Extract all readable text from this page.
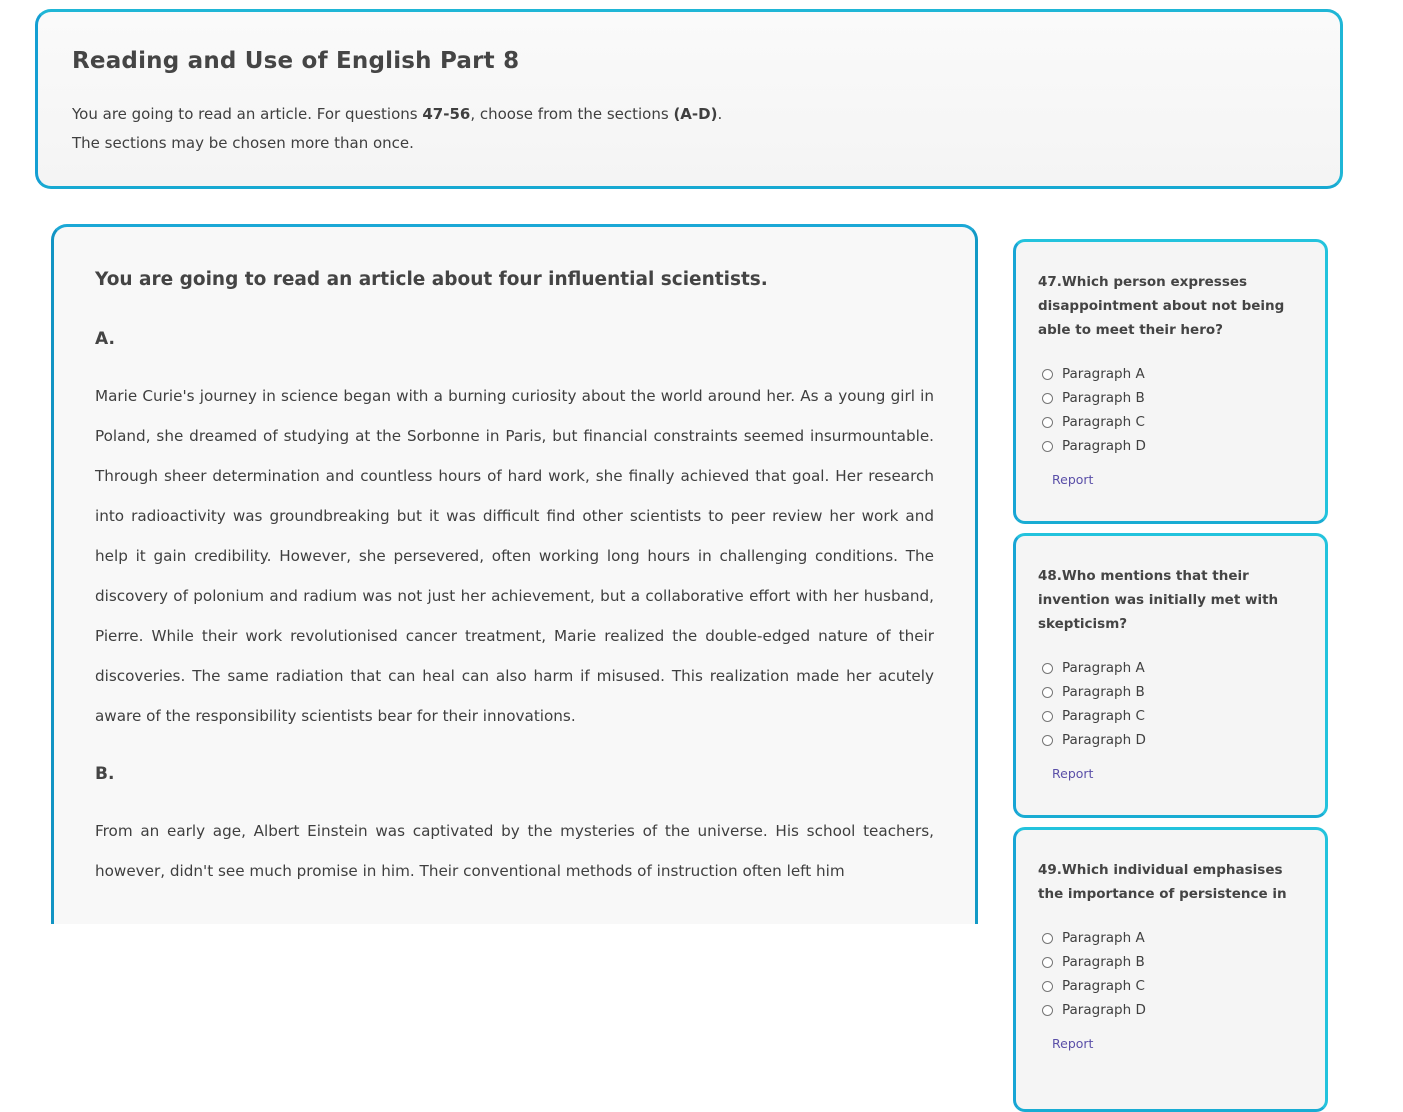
Reading and Use of English Part 8
You are going to read an article. For questions 47-56, choose from the sections (A-D).
The sections may be chosen more than once.

You are going to read an article about four influential scientists.

A.

Marie Curie's journey in science began with a burning curiosity about the world around her. As a young girl in Poland, she dreamed of studying at the Sorbonne in Paris, but financial constraints seemed insurmountable. Through sheer determination and countless hours of hard work, she finally achieved that goal. Her research into radioactivity was groundbreaking but it was difficult find other scientists to peer review her work and help it gain credibility. However, she persevered, often working long hours in challenging conditions. The discovery of polonium and radium was not just her achievement, but a collaborative effort with her husband, Pierre. While their work revolutionised cancer treatment, Marie realized the double-edged nature of their discoveries. The same radiation that can heal can also harm if misused. This realization made her acutely aware of the responsibility scientists bear for their innovations.

B.

From an early age, Albert Einstein was captivated by the mysteries of the universe. His school teachers, however, didn't see much promise in him. Their conventional methods of instruction often left him

47.Which person expresses disappointment about not being able to meet their hero?

Paragraph A
Paragraph B
Paragraph C
Paragraph D
Report

48.Who mentions that their invention was initially met with skepticism?

Paragraph A
Paragraph B
Paragraph C
Paragraph D
Report

49.Which individual emphasises the importance of persistence in

Paragraph A
Paragraph B
Paragraph C
Paragraph D
Report
